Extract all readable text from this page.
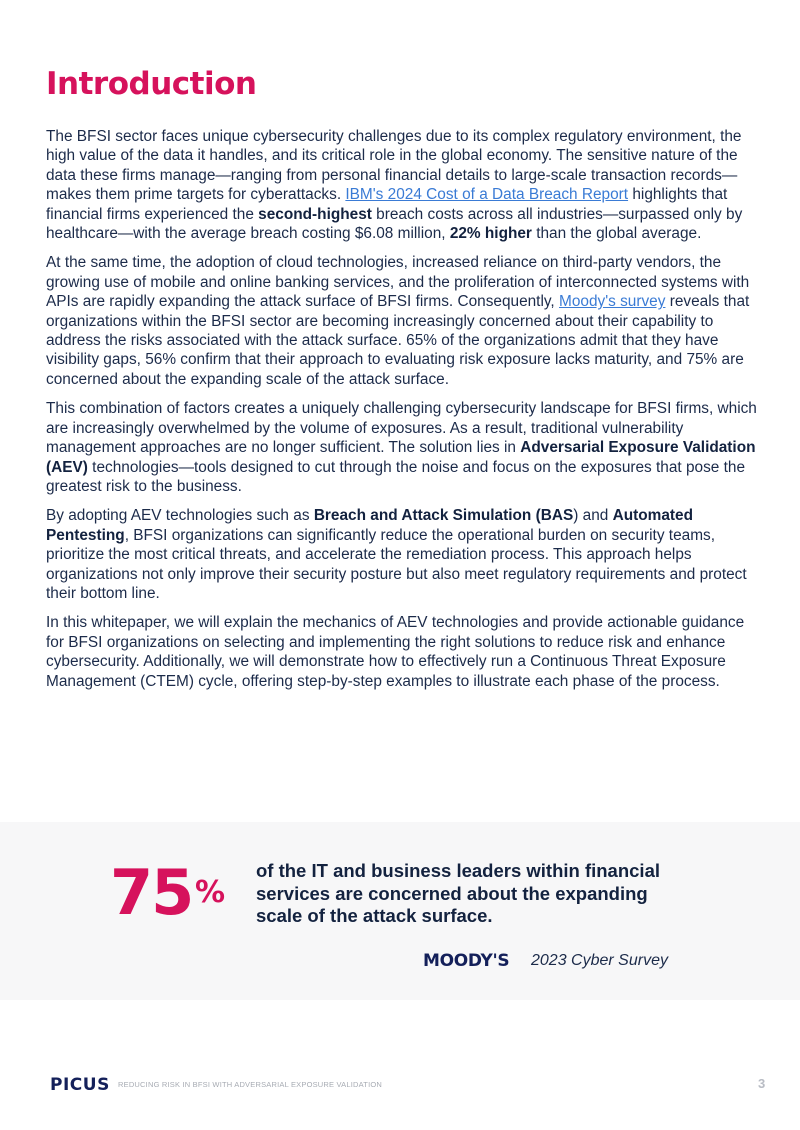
Introduction

The BFSI sector faces unique cybersecurity challenges due to its complex regulatory environment, the high value of the data it handles, and its critical role in the global economy. The sensitive nature of the data these firms manage—ranging from personal financial details to large-scale transaction records—makes them prime targets for cyberattacks. IBM's 2024 Cost of a Data Breach Report highlights that financial firms experienced the second-highest breach costs across all industries—surpassed only by healthcare—with the average breach costing $6.08 million, 22% higher than the global average.

At the same time, the adoption of cloud technologies, increased reliance on third-party vendors, the growing use of mobile and online banking services, and the proliferation of interconnected systems with APIs are rapidly expanding the attack surface of BFSI firms. Consequently, Moody's survey reveals that organizations within the BFSI sector are becoming increasingly concerned about their capability to address the risks associated with the attack surface. 65% of the organizations admit that they have visibility gaps, 56% confirm that their approach to evaluating risk exposure lacks maturity, and 75% are concerned about the expanding scale of the attack surface.

This combination of factors creates a uniquely challenging cybersecurity landscape for BFSI firms, which are increasingly overwhelmed by the volume of exposures. As a result, traditional vulnerability management approaches are no longer sufficient. The solution lies in Adversarial Exposure Validation (AEV) technologies—tools designed to cut through the noise and focus on the exposures that pose the greatest risk to the business.

By adopting AEV technologies such as Breach and Attack Simulation (BAS) and Automated Pentesting, BFSI organizations can significantly reduce the operational burden on security teams, prioritize the most critical threats, and accelerate the remediation process. This approach helps organizations not only improve their security posture but also meet regulatory requirements and protect their bottom line.

In this whitepaper, we will explain the mechanics of AEV technologies and provide actionable guidance for BFSI organizations on selecting and implementing the right solutions to reduce risk and enhance cybersecurity. Additionally, we will demonstrate how to effectively run a Continuous Threat Exposure Management (CTEM) cycle, offering step-by-step examples to illustrate each phase of the process.

75 %
of the IT and business leaders within financial services are concerned about the expanding scale of the attack surface.
MOODY'S 2023 Cyber Survey
PICUS REDUCING RISK IN BFSI WITH ADVERSARIAL EXPOSURE VALIDATION	3
